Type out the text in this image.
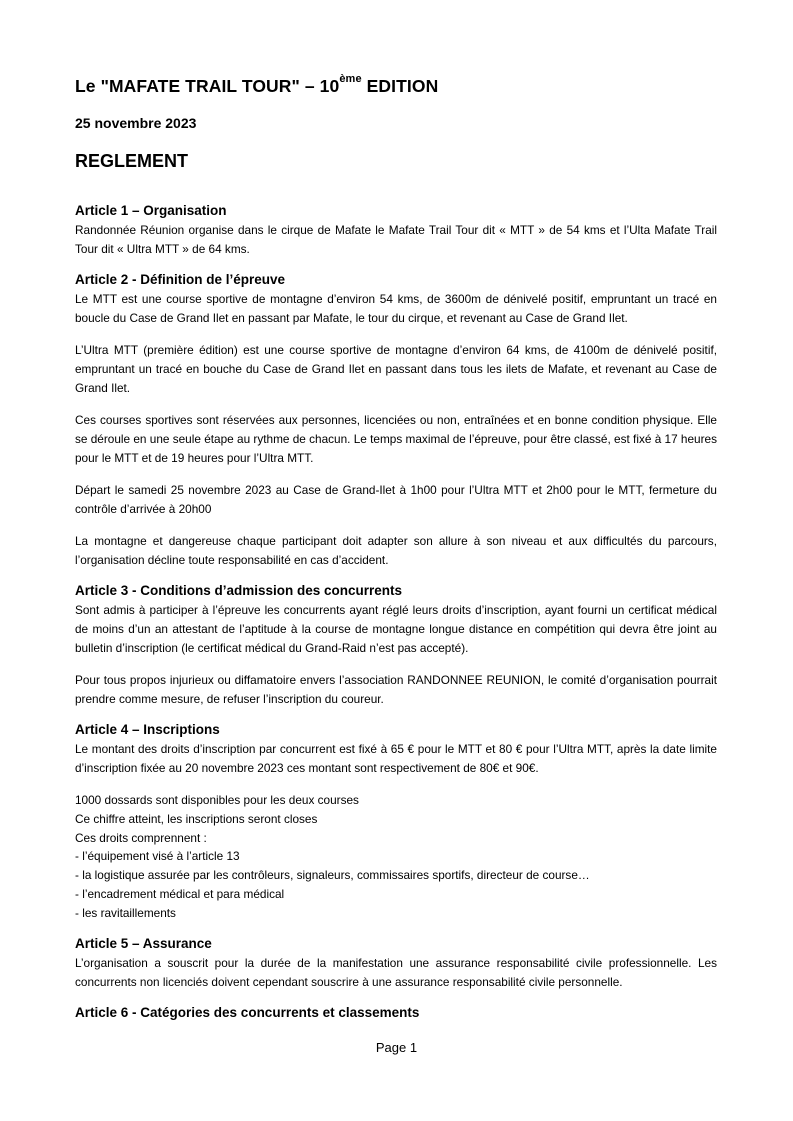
Le "MAFATE TRAIL TOUR" – 10ème EDITION
25 novembre 2023
REGLEMENT
Article 1 – Organisation

Randonnée Réunion organise dans le cirque de Mafate le Mafate Trail Tour dit « MTT » de 54 kms et l’Ulta Mafate Trail Tour dit « Ultra MTT » de 64 kms.

Article 2 - Définition de l’épreuve

Le MTT est une course sportive de montagne d’environ 54 kms, de 3600m de dénivelé positif, empruntant un tracé en boucle du Case de Grand Ilet en passant par Mafate, le tour du cirque, et revenant au Case de Grand Ilet.

L’Ultra MTT (première édition) est une course sportive de montagne d’environ 64 kms, de 4100m de dénivelé positif, empruntant un tracé en bouche du Case de Grand Ilet en passant dans tous les ilets de Mafate, et revenant au Case de Grand Ilet.

Ces courses sportives sont réservées aux personnes, licenciées ou non, entraînées et en bonne condition physique. Elle se déroule en une seule étape au rythme de chacun. Le temps maximal de l’épreuve, pour être classé, est fixé à 17 heures pour le MTT et de 19 heures pour l’Ultra MTT.

Départ le samedi 25 novembre 2023 au Case de Grand-Ilet à 1h00 pour l’Ultra MTT et 2h00 pour le MTT, fermeture du contrôle d’arrivée à 20h00

La montagne et dangereuse chaque participant doit adapter son allure à son niveau et aux difficultés du parcours, l’organisation décline toute responsabilité en cas d’accident.

Article 3 - Conditions d’admission des concurrents

Sont admis à participer à l’épreuve les concurrents ayant réglé leurs droits d’inscription, ayant fourni un certificat médical de moins d’un an attestant de l’aptitude à la course de montagne longue distance en compétition qui devra être joint au bulletin d’inscription (le certificat médical du Grand-Raid n’est pas accepté).

Pour tous propos injurieux ou diffamatoire envers l’association RANDONNEE REUNION, le comité d’organisation pourrait prendre comme mesure, de refuser l’inscription du coureur.

Article 4 – Inscriptions

Le montant des droits d’inscription par concurrent est fixé à 65 € pour le MTT et 80 € pour l’Ultra MTT, après la date limite d’inscription fixée au 20 novembre 2023 ces montant sont respectivement de 80€ et 90€.

1000 dossards sont disponibles pour les deux courses
Ce chiffre atteint, les inscriptions seront closes
Ces droits comprennent :
- l’équipement visé à l’article 13
- la logistique assurée par les contrôleurs, signaleurs, commissaires sportifs, directeur de course…
- l’encadrement médical et para médical
- les ravitaillements
Article 5 – Assurance

L’organisation a souscrit pour la durée de la manifestation une assurance responsabilité civile professionnelle. Les concurrents non licenciés doivent cependant souscrire à une assurance responsabilité civile personnelle.

Article 6 - Catégories des concurrents et classements
Page 1
